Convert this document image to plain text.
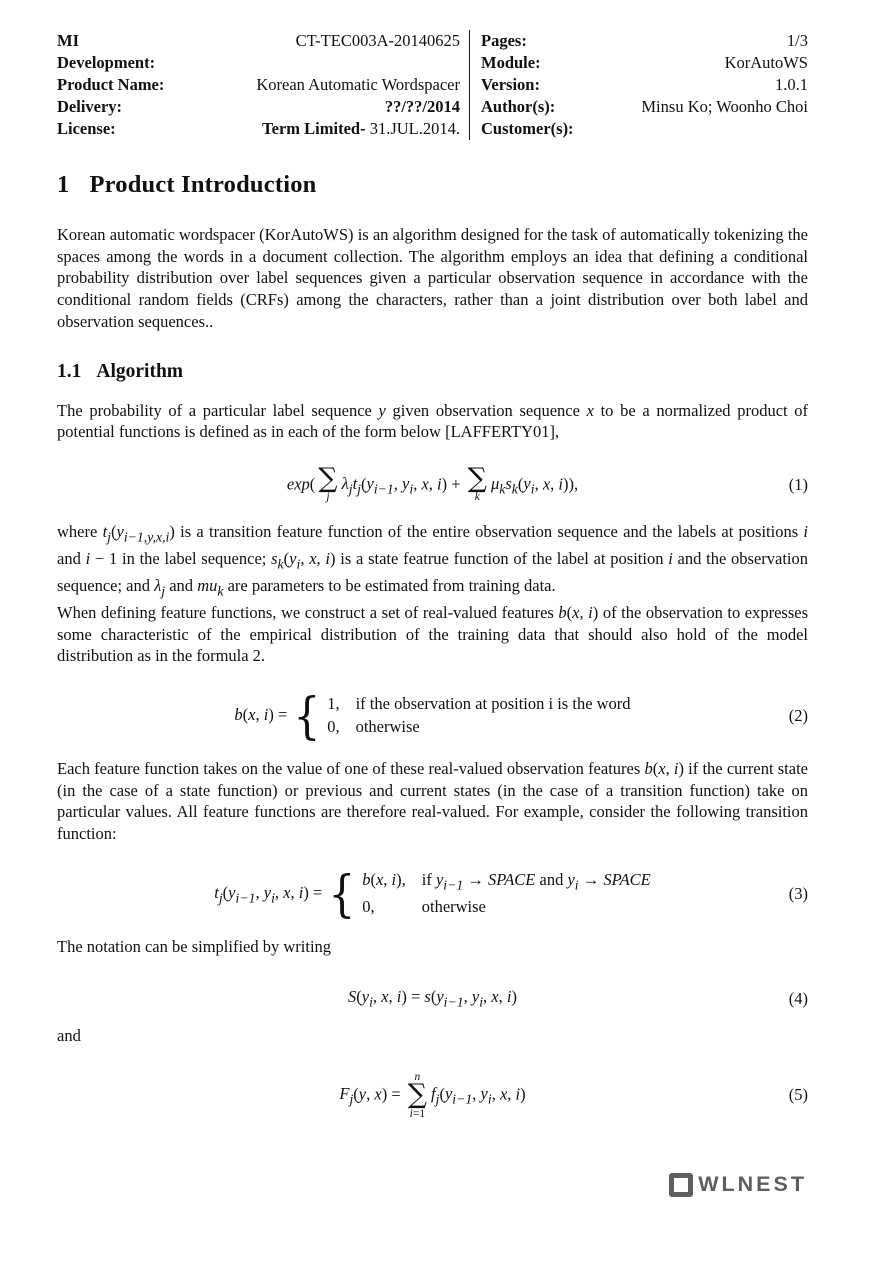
MI	CT-TEC003A-20140625
Development:
Product Name:	Korean Automatic Wordspacer
Delivery:	??/??/2014
License:	Term Limited- 31.JUL.2014.
Pages:	1/3
Module:	KorAutoWS
Version:	1.0.1
Author(s):	Minsu Ko; Woonho Choi
Customer(s):
1 Product Introduction

Korean automatic wordspacer (KorAutoWS) is an algorithm designed for the task of automatically tokenizing the spaces among the words in a document collection. The algorithm employs an idea that defining a conditional probability distribution over label sequences given a particular observation sequence in accordance with the conditional random fields (CRFs) among the characters, rather than a joint distribution over both label and observation sequences..

1.1 Algorithm

The probability of a particular label sequence y given observation sequence x to be a normalized product of potential functions is defined as in each of the form below [LAFFERTY01],

exp( ∑
j
$\lambda_jt_j(y_{i-1}$, $y_i$, x, i) + ∑
k
$\mu_ks_k(y_i$, x, i)),	(1)

where $t_j(y_{i-1,y,x,i})$ is a transition feature function of the entire observation sequence and the labels at positions i and i − 1 in the label sequence; $s_k(y_i$, x, i) is a state featrue function of the label at position i and the observation sequence; and $\lambda_j$ and $mu_k$ are parameters to be estimated from training data.
When defining feature functions, we construct a set of real-valued features b(x, i) of the observation to expresses some characteristic of the empirical distribution of the training data that should also hold of the model distribution as in the formula 2.

b(x, i) = { 1, if the observation at position i is the word
0, otherwise
(2)

Each feature function takes on the value of one of these real-valued observation features b(x, i) if the current state (in the case of a state function) or previous and current states (in the case of a transition function) take on particular values. All feature functions are therefore real-valued. For example, consider the following transition function:

$t_j(y_{i-1}$, $y_i$, x, i) = { b(x, i), if $y_{i-1}$ → SPACE and $y_i$ → SPACE
0,	otherwise
(3)

The notation can be simplified by writing

$S(y_i$, x, $i) = s(y_{i-1}$, $y_i$, x, i)	(4)

and

$F_j(y$, x) =
n
∑
i=1
$f_j(y_{i-1}$, $y_i$, x, i)	(5)
WLNEST
